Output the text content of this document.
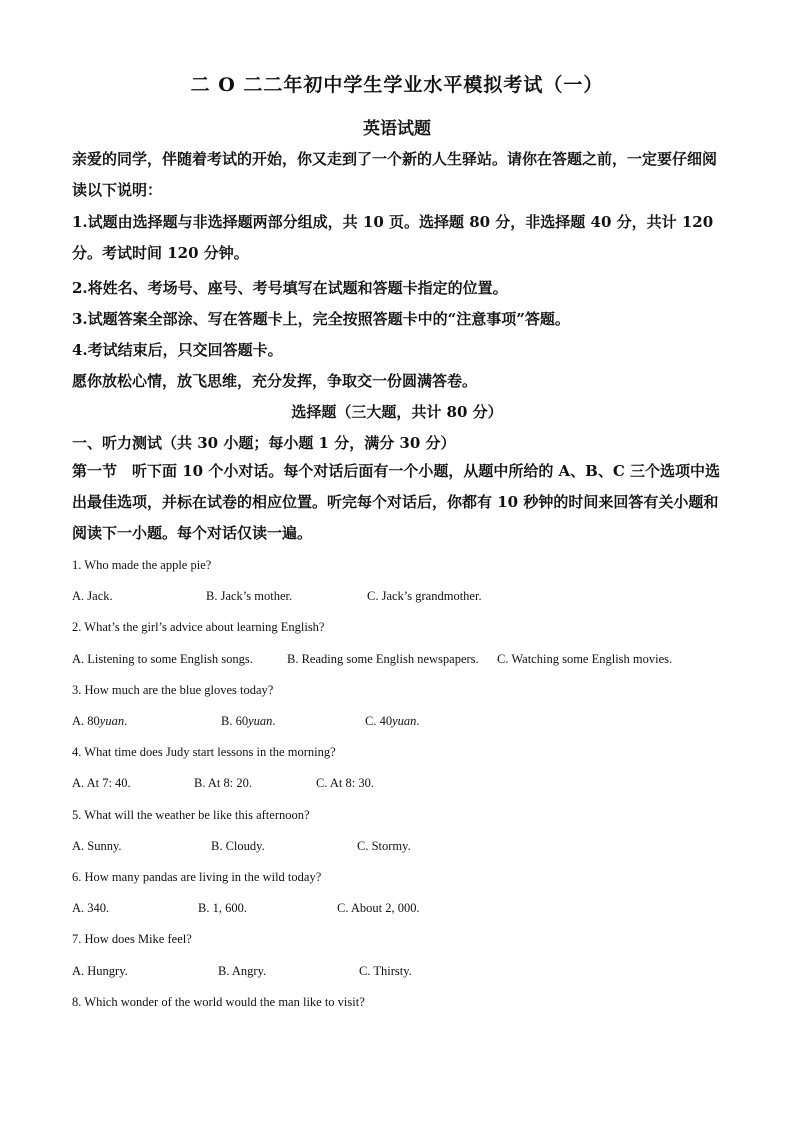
二 O 二二年初中学生学业水平模拟考试（一）
英语试题

亲爱的同学，伴随着考试的开始，你又走到了一个新的人生驿站。请你在答题之前，一定要仔细阅读以下说明：

1.试题由选择题与非选择题两部分组成，共 10 页。选择题 80 分，非选择题 40 分，共计 120 分。考试时间 120 分钟。

2.将姓名、考场号、座号、考号填写在试题和答题卡指定的位置。
3.试题答案全部涂、写在答题卡上，完全按照答题卡中的“注意事项”答题。
4.考试结束后，只交回答题卡。
愿你放松心情，放飞思维，充分发挥，争取交一份圆满答卷。
选择题（三大题，共计 80 分）
一、听力测试（共 30 小题；每小题 1 分，满分 30 分）

第一节　听下面 10 个小对话。每个对话后面有一个小题，从题中所给的 A、B、C 三个选项中选出最佳选项，并标在试卷的相应位置。听完每个对话后，你都有 10 秒钟的时间来回答有关小题和阅读下一小题。每个对话仅读一遍。

1. Who made the apple pie?
A. Jack.	B. Jack’s mother.	C. Jack’s grandmother.
2. What’s the girl’s advice about learning English?
A. Listening to some English songs.	B. Reading some English newspapers. C. Watching some English movies.
3. How much are the blue gloves today?
A. 80yuan.	B. 60yuan.	C. 40yuan.
4. What time does Judy start lessons in the morning?
A. At 7: 40.	B. At 8: 20.	C. At 8: 30.
5. What will the weather be like this afternoon?
A. Sunny.	B. Cloudy.	C. Stormy.
6. How many pandas are living in the wild today?
A. 340.	B. 1, 600.	C. About 2, 000.
7. How does Mike feel?
A. Hungry.	B. Angry.	C. Thirsty.
8. Which wonder of the world would the man like to visit?
